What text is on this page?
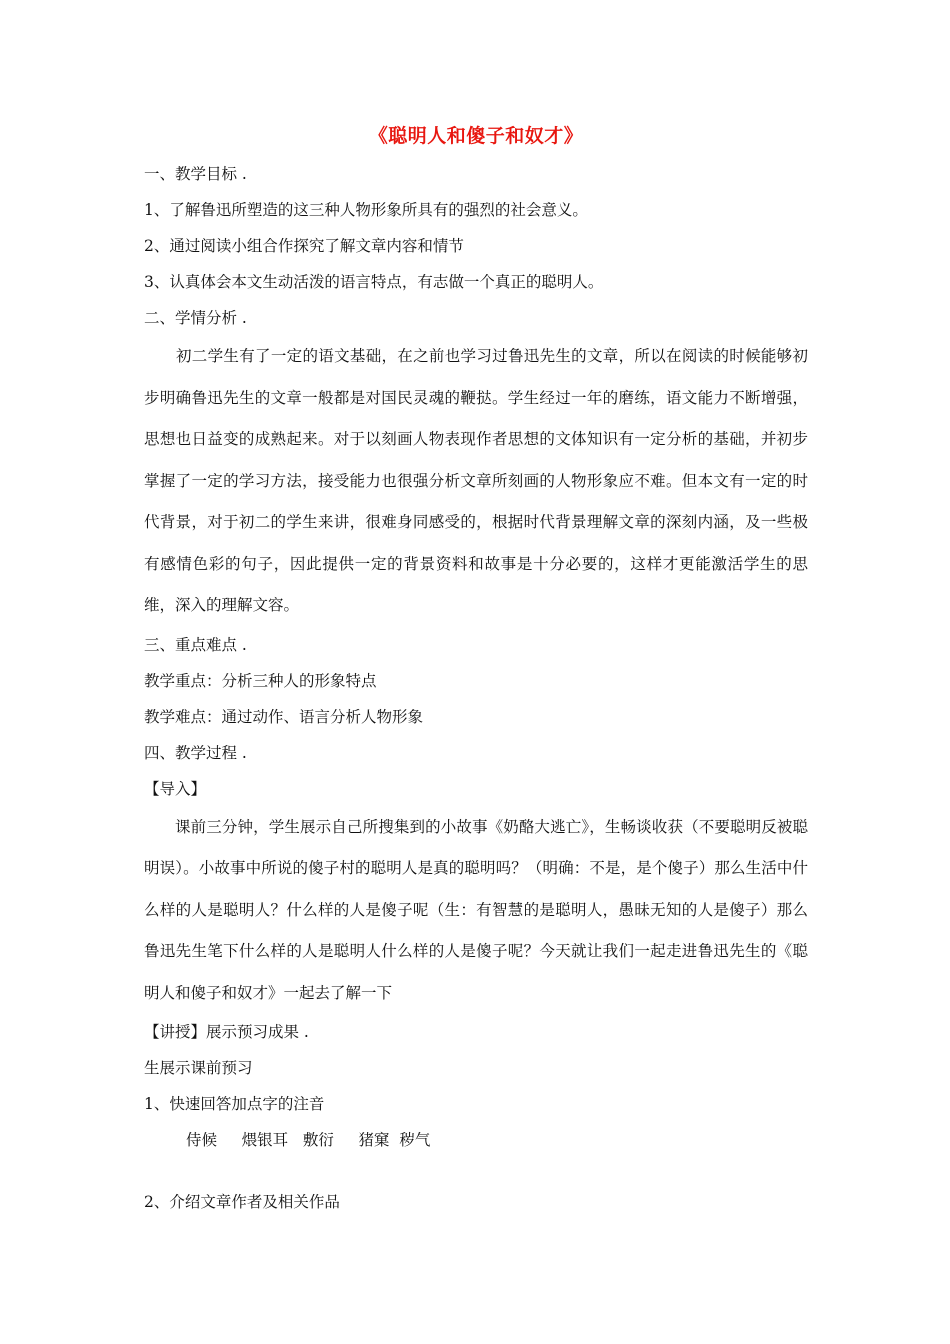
《聪明人和傻子和奴才》
一、教学目标 .
1、了解鲁迅所塑造的这三种人物形象所具有的强烈的社会意义。
2、通过阅读小组合作探究了解文章内容和情节
3、认真体会本文生动活泼的语言特点，有志做一个真正的聪明人。
二、学情分析 .

初二学生有了一定的语文基础，在之前也学习过鲁迅先生的文章，所以在阅读的时候能够初步明确鲁迅先生的文章一般都是对国民灵魂的鞭挞。学生经过一年的磨练，语文能力不断增强，思想也日益变的成熟起来。对于以刻画人物表现作者思想的文体知识有一定分析的基础，并初步掌握了一定的学习方法，接受能力也很强分析文章所刻画的人物形象应不难。但本文有一定的时代背景，对于初二的学生来讲，很难身同感受的，根据时代背景理解文章的深刻内涵，及一些极有感情色彩的句子，因此提供一定的背景资料和故事是十分必要的，这样才更能激活学生的思维，深入的理解文容。

三、重点难点 .
教学重点：分析三种人的形象特点
教学难点：通过动作、语言分析人物形象
四、教学过程 .
【导入】

课前三分钟，学生展示自己所搜集到的小故事《奶酪大逃亡》，生畅谈收获（不要聪明反被聪明误）。小故事中所说的傻子村的聪明人是真的聪明吗？（明确：不是，是个傻子）那么生活中什么样的人是聪明人？什么样的人是傻子呢（生：有智慧的是聪明人，愚昧无知的人是傻子）那么鲁迅先生笔下什么样的人是聪明人什么样的人是傻子呢？今天就让我们一起走进鲁迅先生的《聪明人和傻子和奴才》一起去了解一下

【讲授】展示预习成果 .
生展示课前预习
1、快速回答加点字的注音
侍候     煨银耳   敷衍     猪窠  秽气
2、介绍文章作者及相关作品
